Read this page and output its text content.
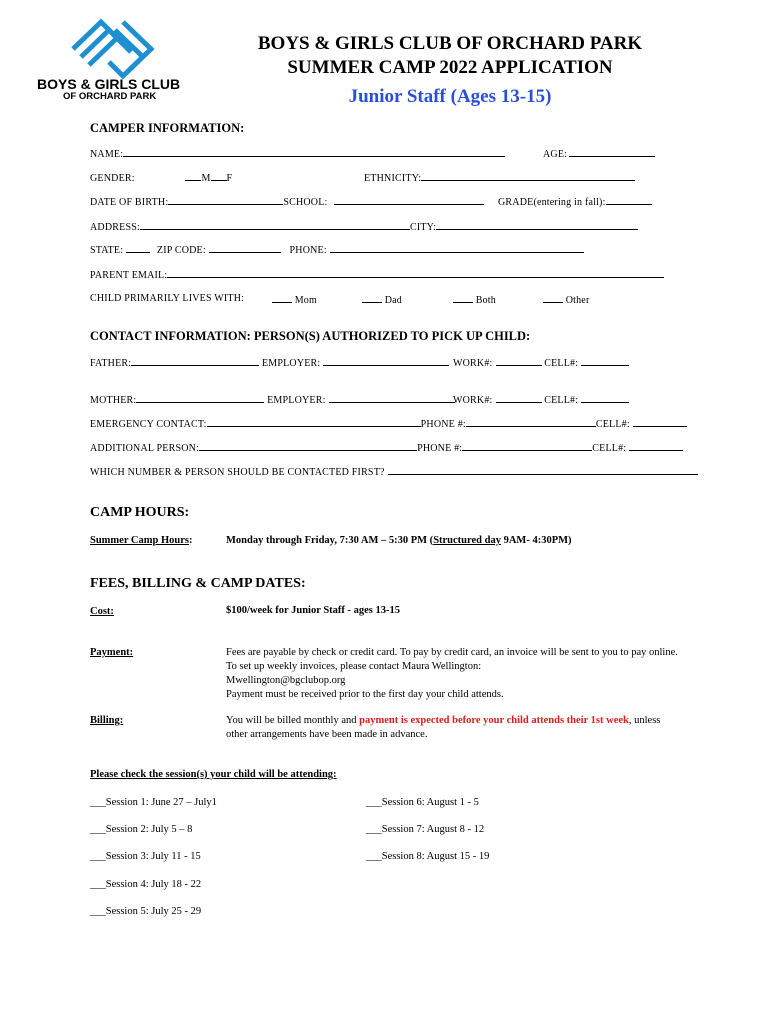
BOYS & GIRLS CLUB
OF ORCHARD PARK
BOYS & GIRLS CLUB OF ORCHARD PARK
SUMMER CAMP 2022 APPLICATION
Junior Staff (Ages 13-15)
CAMPER INFORMATION:
NAME:	AGE:
GENDER:	M F	ETHNICITY:
DATE OF BIRTH:	SCHOOL:	GRADE(entering in fall):
ADDRESS:	CITY:
STATE:	ZIP CODE:	PHONE:
PARENT EMAIL:
CHILD PRIMARILY LIVES WITH:	Mom	Dad	Both	Other
CONTACT INFORMATION: PERSON(S) AUTHORIZED TO PICK UP CHILD:
FATHER:	EMPLOYER:	WORK#:	CELL#:
MOTHER:	EMPLOYER:	WORK#:	CELL#:
EMERGENCY CONTACT:	PHONE #:	CELL#:
ADDITIONAL PERSON:	PHONE #:	CELL#:
WHICH NUMBER & PERSON SHOULD BE CONTACTED FIRST?
CAMP HOURS:
Summer Camp Hours:	Monday through Friday, 7:30 AM – 5:30 PM (Structured day 9AM- 4:30PM)
FEES, BILLING & CAMP DATES:
Cost:	$100/week for Junior Staff - ages 13-15
Payment:	Fees are payable by check or credit card. To pay by credit card, an invoice will be sent to you to pay online. To set up weekly invoices, please contact Maura Wellington:
Mwellington@bgclubop.org
Payment must be received prior to the first day your child attends.
Billing:	You will be billed monthly and payment is expected before your child attends their 1st week, unless other arrangements have been made in advance.
Please check the session(s) your child will be attending:
___Session 1: June 27 – July1
___Session 2: July 5 – 8
___Session 3: July 11 - 15
___Session 4: July 18 - 22
___Session 5: July 25 - 29
___Session 6: August 1 - 5
___Session 7: August 8 - 12
___Session 8: August 15 - 19
